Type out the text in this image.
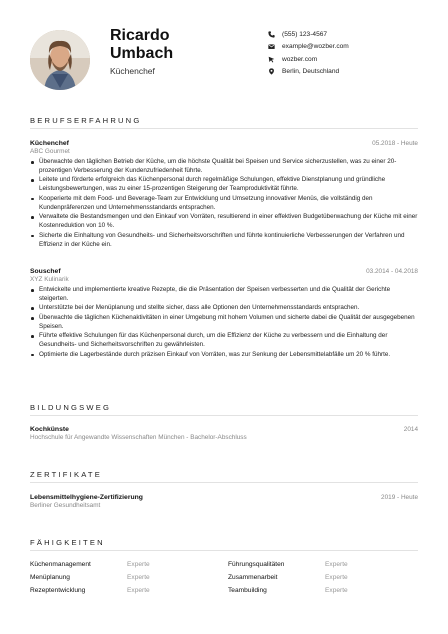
Ricardo
Umbach
Küchenchef
(555) 123-4567
example@wozber.com
wozber.com
Berlin, Deutschland
BERUFSERFAHRUNG
Küchenchef
ABC Gourmet
05.2018 - Heute
Überwachte den täglichen Betrieb der Küche, um die höchste Qualität bei Speisen und Service sicherzustellen, was zu einer 20-prozentigen Verbesserung der Kundenzufriedenheit führte.
Leitete und förderte erfolgreich das Küchenpersonal durch regelmäßige Schulungen, effektive Dienstplanung und gründliche Leistungsbewertungen, was zu einer 15-prozentigen Steigerung der Teamproduktivität führte.
Kooperierte mit dem Food- und Beverage-Team zur Entwicklung und Umsetzung innovativer Menüs, die vollständig den Kundenpräferenzen und Unternehmensstandards entsprachen.
Verwaltete die Bestandsmengen und den Einkauf von Vorräten, resultierend in einer effektiven Budgetüberwachung der Küche mit einer Kostenreduktion von 10 %.
Sicherte die Einhaltung von Gesundheits- und Sicherheitsvorschriften und führte kontinuierliche Verbesserungen der Verfahren und Effizienz in der Küche ein.
Souschef
XYZ Kulinarik
03.2014 - 04.2018
Entwickelte und implementierte kreative Rezepte, die die Präsentation der Speisen verbesserten und die Qualität der Gerichte steigerten.
Unterstützte bei der Menüplanung und stellte sicher, dass alle Optionen den Unternehmensstandards entsprachen.
Überwachte die täglichen Küchenaktivitäten in einer Umgebung mit hohem Volumen und sicherte dabei die Qualität der ausgegebenen Speisen.
Führte effektive Schulungen für das Küchenpersonal durch, um die Effizienz der Küche zu verbessern und die Einhaltung der Gesundheits- und Sicherheitsvorschriften zu gewährleisten.
Optimierte die Lagerbestände durch präzisen Einkauf von Vorräten, was zur Senkung der Lebensmittelabfälle um 20 % führte.
BILDUNGSWEG
Kochkünste
Hochschule für Angewandte Wissenschaften München - Bachelor-Abschluss
2014
ZERTIFIKATE
Lebensmittelhygiene-Zertifizierung
Berliner Gesundheitsamt
2019 - Heute
FÄHIGKEITEN
Küchenmanagement	Experte	Führungsqualitäten	Experte
Menüplanung	Experte	Zusammenarbeit	Experte
Rezeptentwicklung	Experte	Teambuilding	Experte
